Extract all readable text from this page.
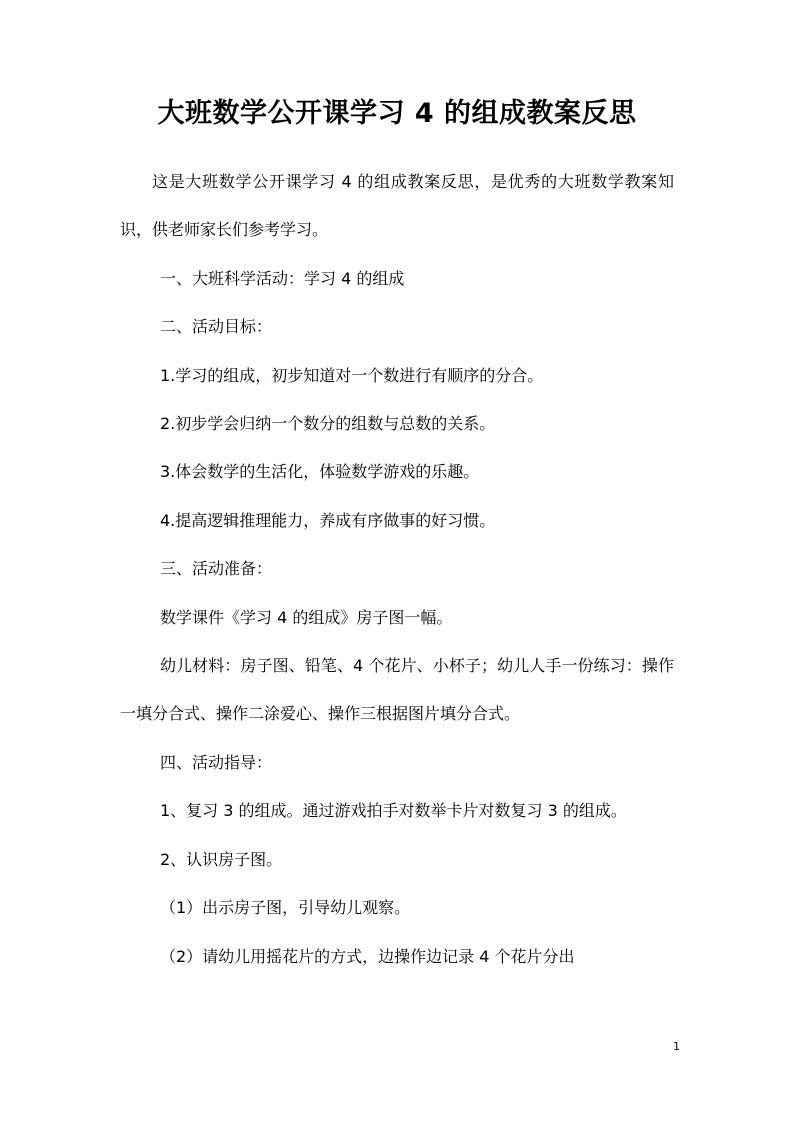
大班数学公开课学习 4 的组成教案反思

这是大班数学公开课学习 4 的组成教案反思，是优秀的大班数学教案知识，供老师家长们参考学习。

一、大班科学活动：学习 4 的组成

二、活动目标：

1.学习的组成，初步知道对一个数进行有顺序的分合。

2.初步学会归纳一个数分的组数与总数的关系。

3.体会数学的生活化，体验数学游戏的乐趣。

4.提高逻辑推理能力，养成有序做事的好习惯。

三、活动准备：

数学课件《学习 4 的组成》房子图一幅。

幼儿材料：房子图、铅笔、4 个花片、小杯子；幼儿人手一份练习：操作一填分合式、操作二涂爱心、操作三根据图片填分合式。

四、活动指导：

1、复习 3 的组成。通过游戏拍手对数举卡片对数复习 3 的组成。

2、认识房子图。

（1）出示房子图，引导幼儿观察。

（2）请幼儿用摇花片的方式，边操作边记录 4 个花片分出

1
